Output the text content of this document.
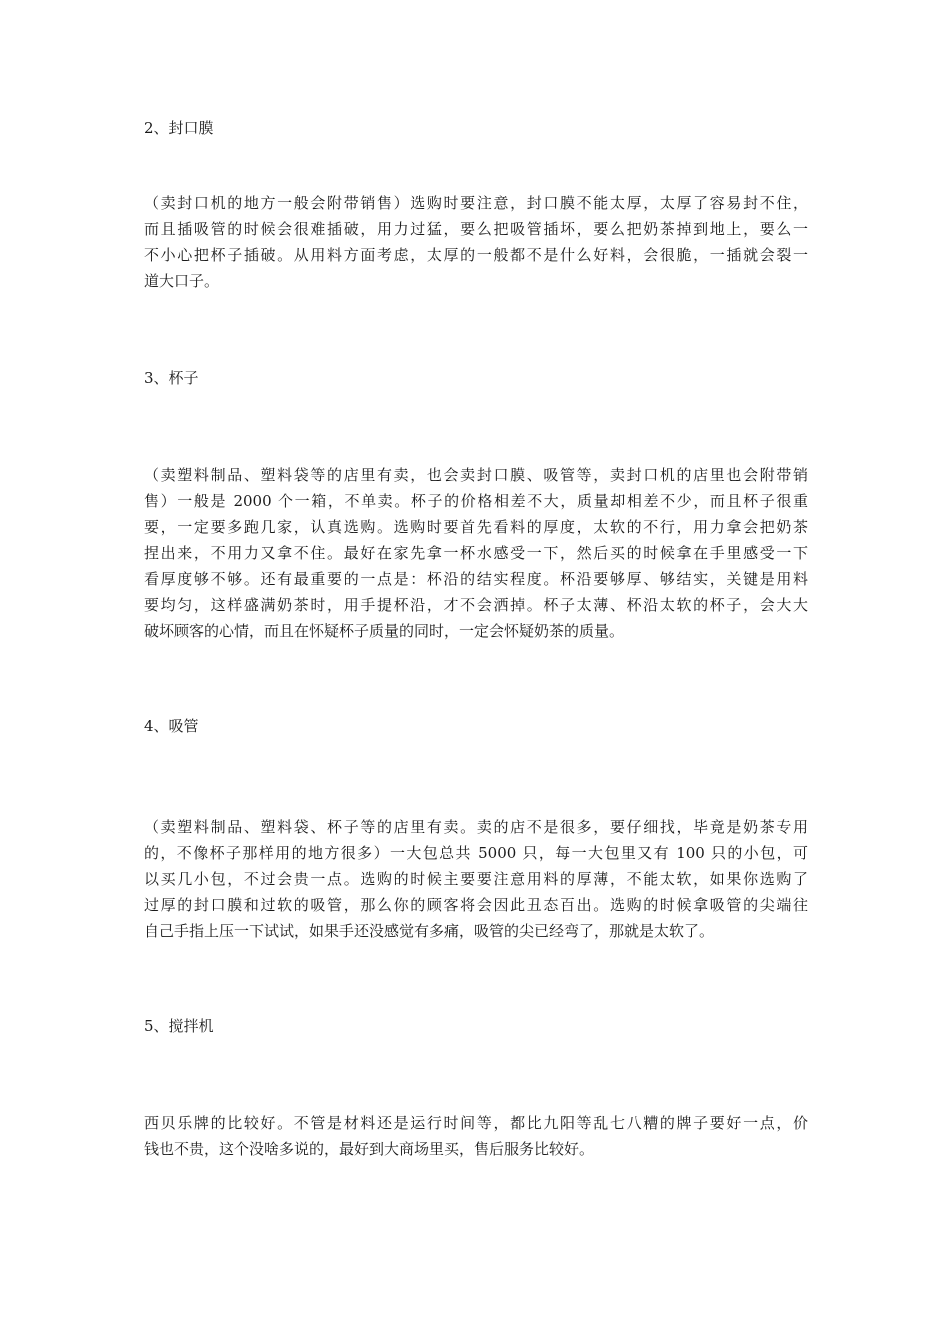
2、封口膜

（卖封口机的地方一般会附带销售）选购时要注意，封口膜不能太厚，太厚了容易封不住，
而且插吸管的时候会很难插破，用力过猛，要么把吸管插坏，要么把奶茶掉到地上，要么一
不小心把杯子插破。从用料方面考虑，太厚的一般都不是什么好料，会很脆，一插就会裂一
道大口子。

3、杯子

（卖塑料制品、塑料袋等的店里有卖，也会卖封口膜、吸管等，卖封口机的店里也会附带销
售）一般是 2000 个一箱，不单卖。杯子的价格相差不大，质量却相差不少，而且杯子很重
要，一定要多跑几家，认真选购。选购时要首先看料的厚度，太软的不行，用力拿会把奶茶
捏出来，不用力又拿不住。最好在家先拿一杯水感受一下，然后买的时候拿在手里感受一下
看厚度够不够。还有最重要的一点是：杯沿的结实程度。杯沿要够厚、够结实，关键是用料
要均匀，这样盛满奶茶时，用手提杯沿，才不会洒掉。杯子太薄、杯沿太软的杯子，会大大
破坏顾客的心情，而且在怀疑杯子质量的同时，一定会怀疑奶茶的质量。

4、吸管

（卖塑料制品、塑料袋、杯子等的店里有卖。卖的店不是很多，要仔细找，毕竟是奶茶专用
的，不像杯子那样用的地方很多）一大包总共 5000 只，每一大包里又有 100 只的小包，可
以买几小包，不过会贵一点。选购的时候主要要注意用料的厚薄，不能太软，如果你选购了
过厚的封口膜和过软的吸管，那么你的顾客将会因此丑态百出。选购的时候拿吸管的尖端往
自己手指上压一下试试，如果手还没感觉有多痛，吸管的尖已经弯了，那就是太软了。

5、搅拌机

西贝乐牌的比较好。不管是材料还是运行时间等，都比九阳等乱七八糟的牌子要好一点，价
钱也不贵，这个没啥多说的，最好到大商场里买，售后服务比较好。
